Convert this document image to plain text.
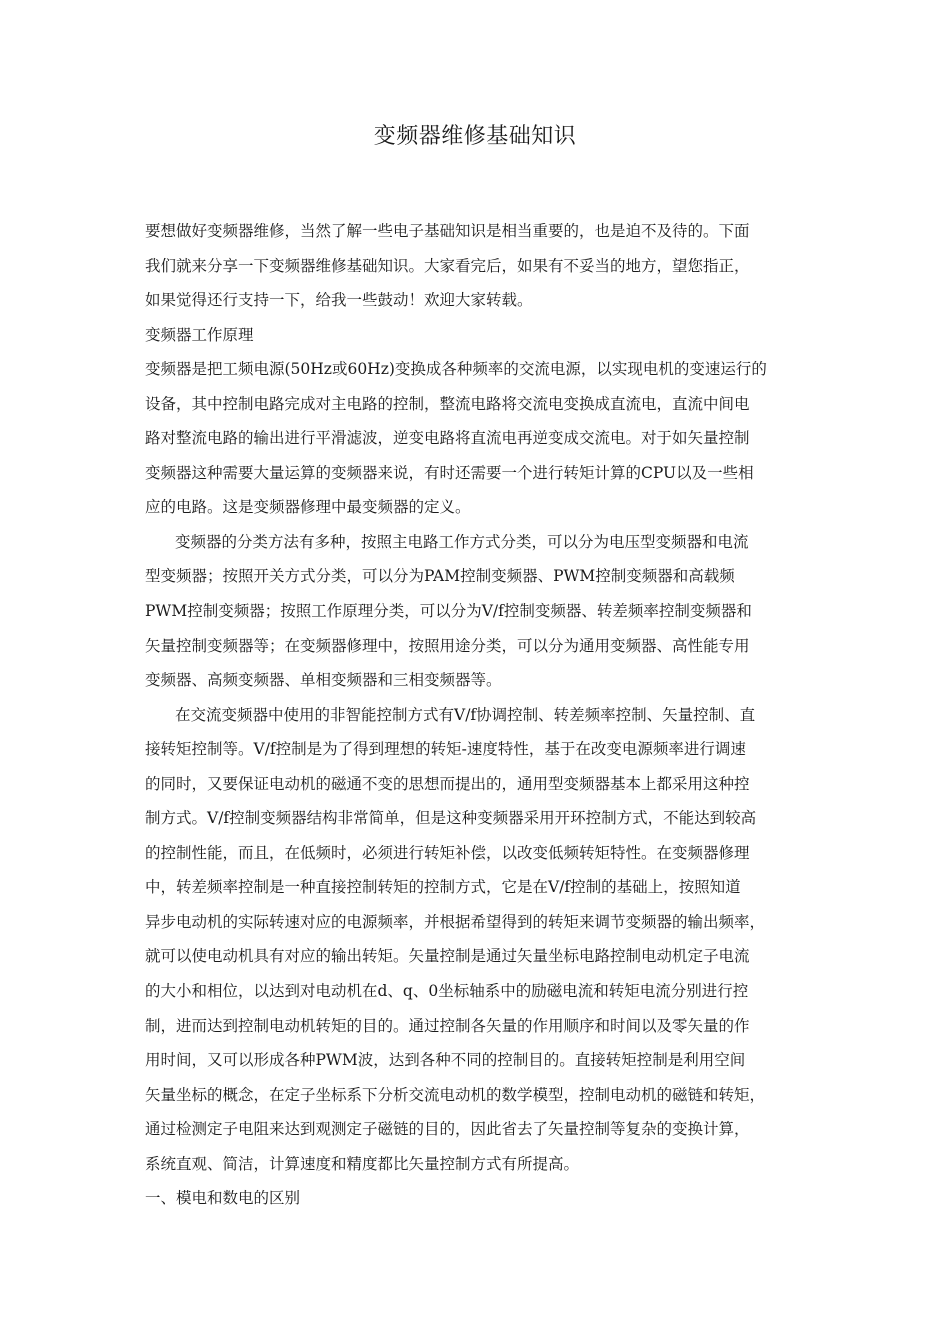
变频器维修基础知识
要想做好变频器维修，当然了解一些电子基础知识是相当重要的，也是迫不及待的。下面
我们就来分享一下变频器维修基础知识。大家看完后，如果有不妥当的地方，望您指正，
如果觉得还行支持一下，给我一些鼓动！欢迎大家转载。
变频器工作原理
变频器是把工频电源(50Hz或60Hz)变换成各种频率的交流电源，以实现电机的变速运行的
设备，其中控制电路完成对主电路的控制，整流电路将交流电变换成直流电，直流中间电
路对整流电路的输出进行平滑滤波，逆变电路将直流电再逆变成交流电。对于如矢量控制
变频器这种需要大量运算的变频器来说，有时还需要一个进行转矩计算的CPU以及一些相
应的电路。这是变频器修理中最变频器的定义。
变频器的分类方法有多种，按照主电路工作方式分类，可以分为电压型变频器和电流
型变频器；按照开关方式分类，可以分为PAM控制变频器、PWM控制变频器和高载频
PWM控制变频器；按照工作原理分类，可以分为V/f控制变频器、转差频率控制变频器和
矢量控制变频器等；在变频器修理中，按照用途分类，可以分为通用变频器、高性能专用
变频器、高频变频器、单相变频器和三相变频器等。
在交流变频器中使用的非智能控制方式有V/f协调控制、转差频率控制、矢量控制、直
接转矩控制等。V/f控制是为了得到理想的转矩-速度特性，基于在改变电源频率进行调速
的同时，又要保证电动机的磁通不变的思想而提出的，通用型变频器基本上都采用这种控
制方式。V/f控制变频器结构非常简单，但是这种变频器采用开环控制方式，不能达到较高
的控制性能，而且，在低频时，必须进行转矩补偿，以改变低频转矩特性。在变频器修理
中，转差频率控制是一种直接控制转矩的控制方式，它是在V/f控制的基础上，按照知道
异步电动机的实际转速对应的电源频率，并根据希望得到的转矩来调节变频器的输出频率，
就可以使电动机具有对应的输出转矩。矢量控制是通过矢量坐标电路控制电动机定子电流
的大小和相位，以达到对电动机在d、q、0坐标轴系中的励磁电流和转矩电流分别进行控
制，进而达到控制电动机转矩的目的。通过控制各矢量的作用顺序和时间以及零矢量的作
用时间，又可以形成各种PWM波，达到各种不同的控制目的。直接转矩控制是利用空间
矢量坐标的概念，在定子坐标系下分析交流电动机的数学模型，控制电动机的磁链和转矩，
通过检测定子电阻来达到观测定子磁链的目的，因此省去了矢量控制等复杂的变换计算，
系统直观、简洁，计算速度和精度都比矢量控制方式有所提高。
一、模电和数电的区别
